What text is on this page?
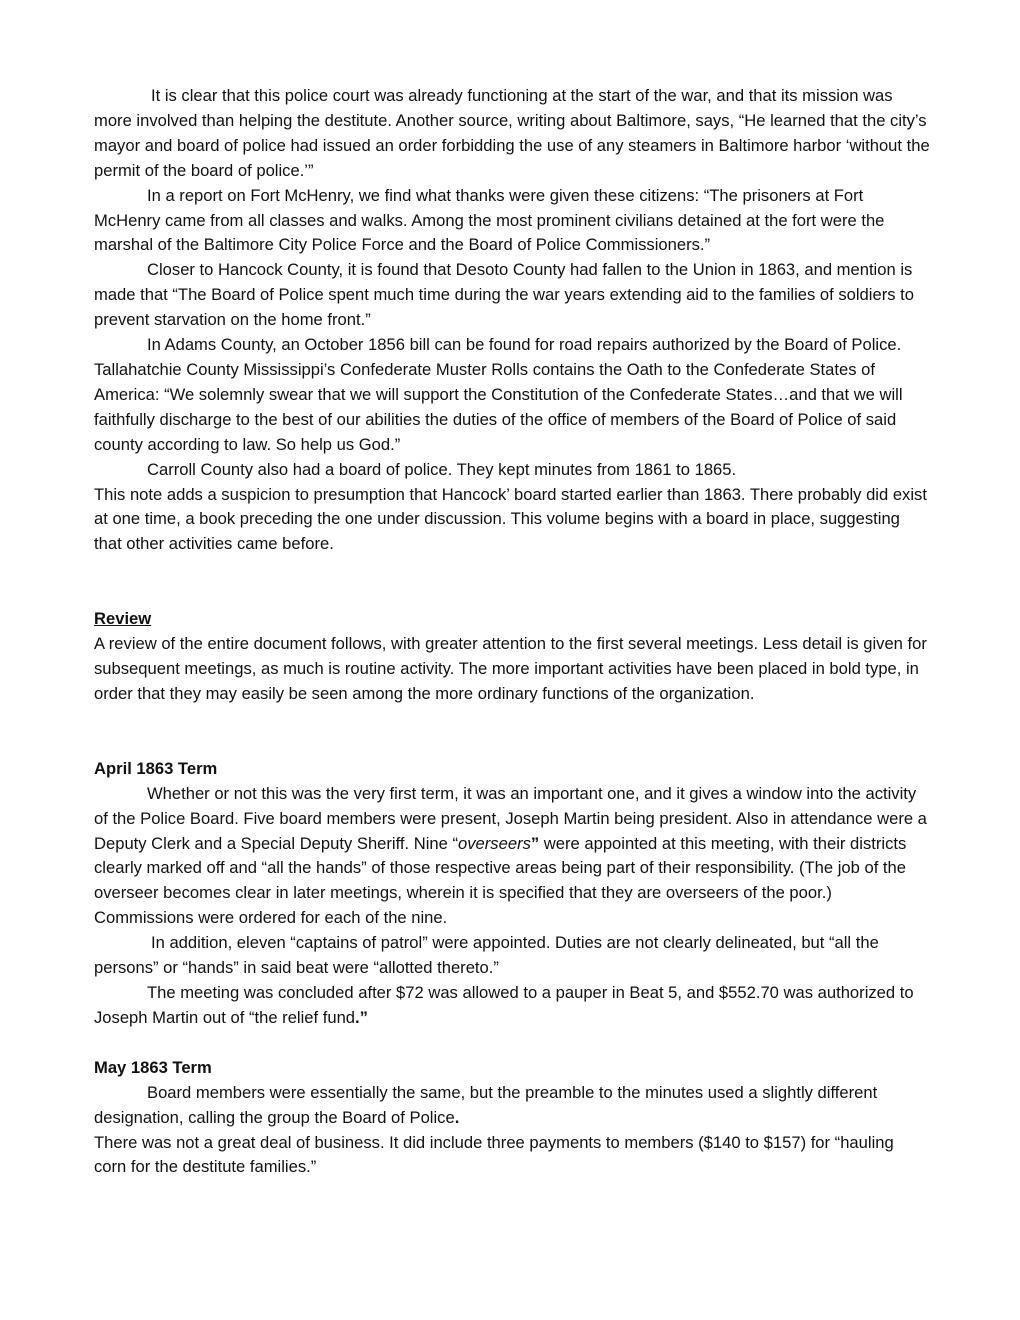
It is clear that this police court was already functioning at the start of the war, and that its mission was more involved than helping the destitute. Another source, writing about Baltimore, says, “He learned that the city’s mayor and board of police had issued an order forbidding the use of any steamers in Baltimore harbor ‘without the permit of the board of police.’”

In a report on Fort McHenry, we find what thanks were given these citizens: “The prisoners at Fort McHenry came from all classes and walks. Among the most prominent civilians detained at the fort were the marshal of the Baltimore City Police Force and the Board of Police Commissioners.”

Closer to Hancock County, it is found that Desoto County had fallen to the Union in 1863, and mention is made that “The Board of Police spent much time during the war years extending aid to the families of soldiers to prevent starvation on the home front.”

In Adams County, an October 1856 bill can be found for road repairs authorized by the Board of Police. Tallahatchie County Mississippi’s Confederate Muster Rolls contains the Oath to the Confederate States of America: “We solemnly swear that we will support the Constitution of the Confederate States…and that we will faithfully discharge to the best of our abilities the duties of the office of members of the Board of Police of said county according to law. So help us God.”

Carroll County also had a board of police. They kept minutes from 1861 to 1865.

This note adds a suspicion to presumption that Hancock’ board started earlier than 1863. There probably did exist at one time, a book preceding the one under discussion. This volume begins with a board in place, suggesting that other activities came before.

Review

A review of the entire document follows, with greater attention to the first several meetings. Less detail is given for subsequent meetings, as much is routine activity. The more important activities have been placed in bold type, in order that they may easily be seen among the more ordinary functions of the organization.

April 1863 Term

Whether or not this was the very first term, it was an important one, and it gives a window into the activity of the Police Board. Five board members were present, Joseph Martin being president. Also in attendance were a Deputy Clerk and a Special Deputy Sheriff. Nine “overseers” were appointed at this meeting, with their districts clearly marked off and “all the hands” of those respective areas being part of their responsibility. (The job of the overseer becomes clear in later meetings, wherein it is specified that they are overseers of the poor.) Commissions were ordered for each of the nine.

In addition, eleven “captains of patrol” were appointed. Duties are not clearly delineated, but “all the persons” or “hands” in said beat were “allotted thereto.”

The meeting was concluded after $72 was allowed to a pauper in Beat 5, and $552.70 was authorized to Joseph Martin out of “the relief fund.”

May 1863 Term

Board members were essentially the same, but the preamble to the minutes used a slightly different designation, calling the group the Board of Police.

There was not a great deal of business. It did include three payments to members ($140 to $157) for “hauling corn for the destitute families.”
